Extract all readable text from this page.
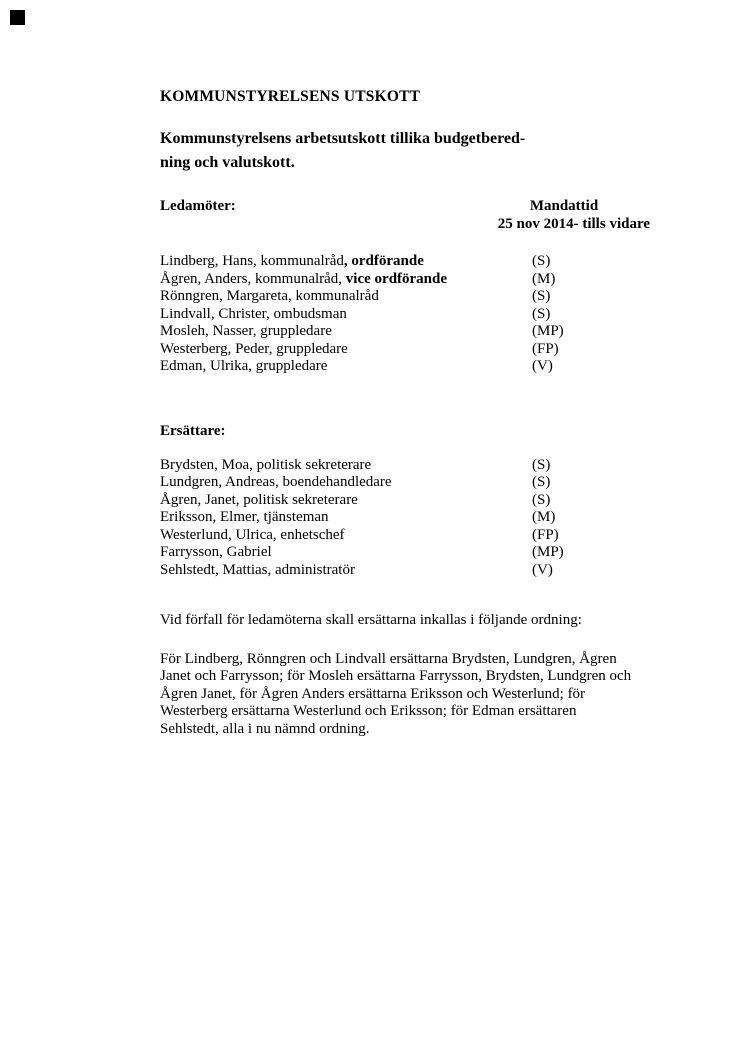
KOMMUNSTYRELSENS UTSKOTT
Kommunstyrelsens arbetsutskott tillika budgetbered-
ning och valutskott.
Ledamöter:	Mandattid
25 nov 2014- tills vidare
Lindberg, Hans, kommunalråd, ordförande	(S)
Ågren, Anders, kommunalråd, vice ordförande	(M)
Rönngren, Margareta, kommunalråd	(S)
Lindvall, Christer, ombudsman	(S)
Mosleh, Nasser, gruppledare	(MP)
Westerberg, Peder, gruppledare	(FP)
Edman, Ulrika, gruppledare	(V)
Ersättare:
Brydsten, Moa, politisk sekreterare	(S)
Lundgren, Andreas, boendehandledare	(S)
Ågren, Janet, politisk sekreterare	(S)
Eriksson, Elmer, tjänsteman	(M)
Westerlund, Ulrica, enhetschef	(FP)
Farrysson, Gabriel	(MP)
Sehlstedt, Mattias, administratör	(V)

Vid förfall för ledamöterna skall ersättarna inkallas i följande ordning:

För Lindberg, Rönngren och Lindvall ersättarna Brydsten, Lundgren, Ågren Janet och Farrysson; för Mosleh ersättarna Farrysson, Brydsten, Lundgren och Ågren Janet, för Ågren Anders ersättarna Eriksson och Westerlund; för Westerberg ersättarna Westerlund och Eriksson; för Edman ersättaren Sehlstedt, alla i nu nämnd ordning.
